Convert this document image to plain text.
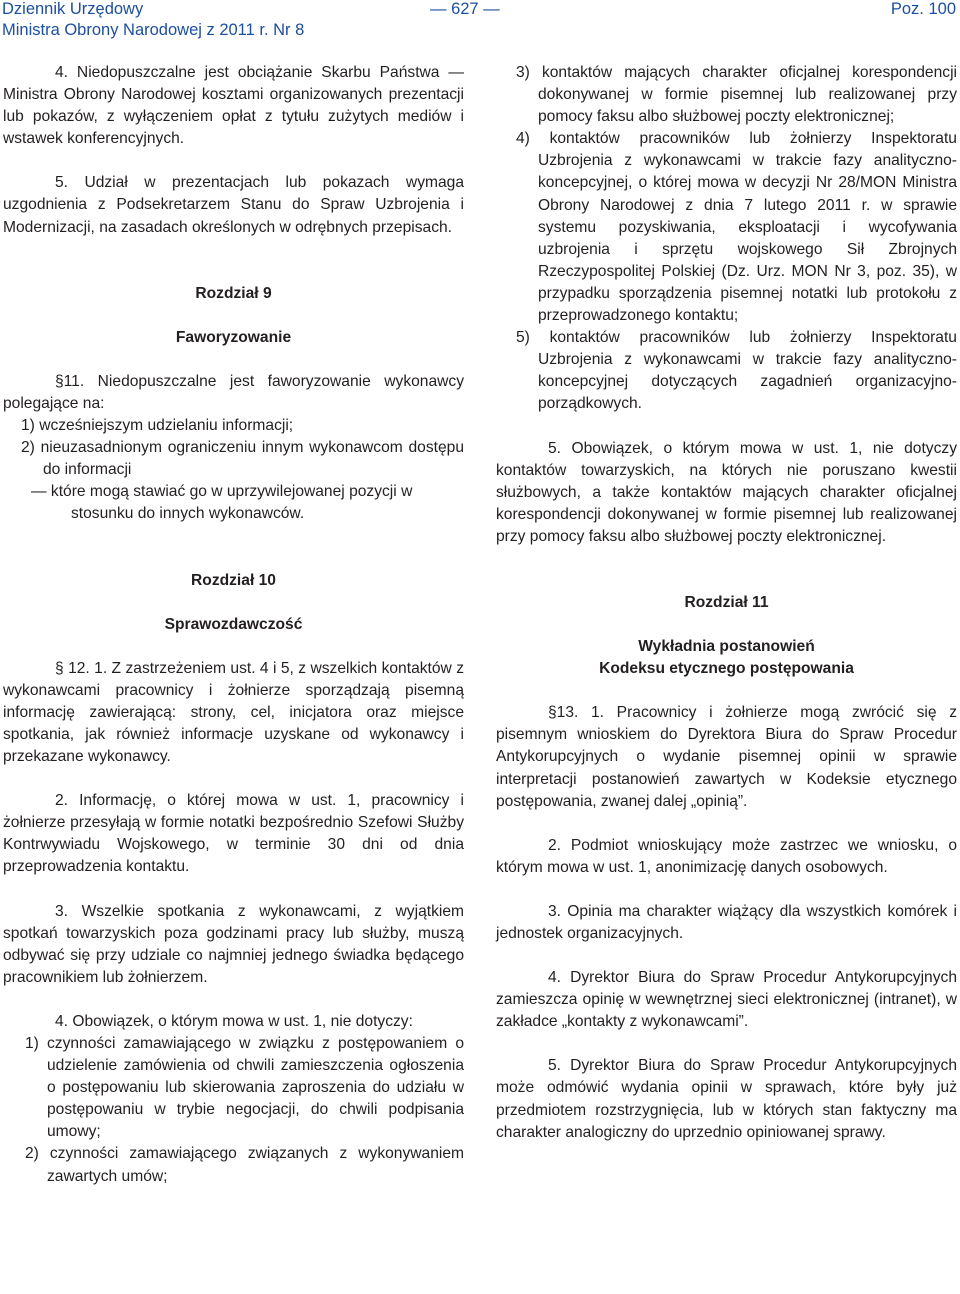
Dziennik Urzędowy
Ministra Obrony Narodowej z 2011 r. Nr 8
— 627 —	Poz. 100

4. Niedopuszczalne jest obciążanie Skarbu Państwa — Ministra Obrony Narodowej kosztami organizowanych prezentacji lub pokazów, z wyłączeniem opłat z tytułu zużytych mediów i wstawek konferencyjnych.

5. Udział w prezentacjach lub pokazach wymaga uzgodnienia z Podsekretarzem Stanu do Spraw Uzbrojenia i Modernizacji, na zasadach określonych w odrębnych przepisach.

Rozdział 9

Faworyzowanie

§11. Niedopuszczalne jest faworyzowanie wykonawcy polegające na:

1) wcześniejszym udzielaniu informacji;

2) nieuzasadnionym ograniczeniu innym wykonawcom dostępu do informacji

— które mogą stawiać go w uprzywilejowanej pozycji w stosunku do innych wykonawców.

Rozdział 10

Sprawozdawczość

§ 12. 1. Z zastrzeżeniem ust. 4 i 5, z wszelkich kontaktów z wykonawcami pracownicy i żołnierze sporządzają pisemną informację zawierającą: strony, cel, inicjatora oraz miejsce spotkania, jak również informacje uzyskane od wykonawcy i przekazane wykonawcy.

2. Informację, o której mowa w ust. 1, pracownicy i żołnierze przesyłają w formie notatki bezpośrednio Szefowi Służby Kontrwywiadu Wojskowego, w terminie 30 dni od dnia przeprowadzenia kontaktu.

3. Wszelkie spotkania z wykonawcami, z wyjątkiem spotkań towarzyskich poza godzinami pracy lub służby, muszą odbywać się przy udziale co najmniej jednego świadka będącego pracownikiem lub żołnierzem.

4. Obowiązek, o którym mowa w ust. 1, nie dotyczy:

1) czynności zamawiającego w związku z postępowaniem o udzielenie zamówienia od chwili zamieszczenia ogłoszenia o postępowaniu lub skierowania zaproszenia do udziału w postępowaniu w trybie negocjacji, do chwili podpisania umowy;

2) czynności zamawiającego związanych z wykonywaniem zawartych umów;

3) kontaktów mających charakter oficjalnej korespondencji dokonywanej w formie pisemnej lub realizowanej przy pomocy faksu albo służbowej poczty elektronicznej;

4) kontaktów pracowników lub żołnierzy Inspektoratu Uzbrojenia z wykonawcami w trakcie fazy analityczno-koncepcyjnej, o której mowa w decyzji Nr 28/MON Ministra Obrony Narodowej z dnia 7 lutego 2011 r. w sprawie systemu pozyskiwania, eksploatacji i wycofywania uzbrojenia i sprzętu wojskowego Sił Zbrojnych Rzeczypospolitej Polskiej (Dz. Urz. MON Nr 3, poz. 35), w przypadku sporządzenia pisemnej notatki lub protokołu z przeprowadzonego kontaktu;

5) kontaktów pracowników lub żołnierzy Inspektoratu Uzbrojenia z wykonawcami w trakcie fazy analityczno-koncepcyjnej dotyczących zagadnień organizacyjno-porządkowych.

5. Obowiązek, o którym mowa w ust. 1, nie dotyczy kontaktów towarzyskich, na których nie poruszano kwestii służbowych, a także kontaktów mających charakter oficjalnej korespondencji dokonywanej w formie pisemnej lub realizowanej przy pomocy faksu albo służbowej poczty elektronicznej.

Rozdział 11

Wykładnia postanowień

Kodeksu etycznego postępowania

§13. 1. Pracownicy i żołnierze mogą zwrócić się z pisemnym wnioskiem do Dyrektora Biura do Spraw Procedur Antykorupcyjnych o wydanie pisemnej opinii w sprawie interpretacji postanowień zawartych w Kodeksie etycznego postępowania, zwanej dalej „opinią”.

2. Podmiot wnioskujący może zastrzec we wniosku, o którym mowa w ust. 1, anonimizację danych osobowych.

3. Opinia ma charakter wiążący dla wszystkich komórek i jednostek organizacyjnych.

4. Dyrektor Biura do Spraw Procedur Antykorupcyjnych zamieszcza opinię w wewnętrznej sieci elektronicznej (intranet), w zakładce „kontakty z wykonawcami”.

5. Dyrektor Biura do Spraw Procedur Antykorupcyjnych może odmówić wydania opinii w sprawach, które były już przedmiotem rozstrzygnięcia, lub w których stan faktyczny ma charakter analogiczny do uprzednio opiniowanej sprawy.
